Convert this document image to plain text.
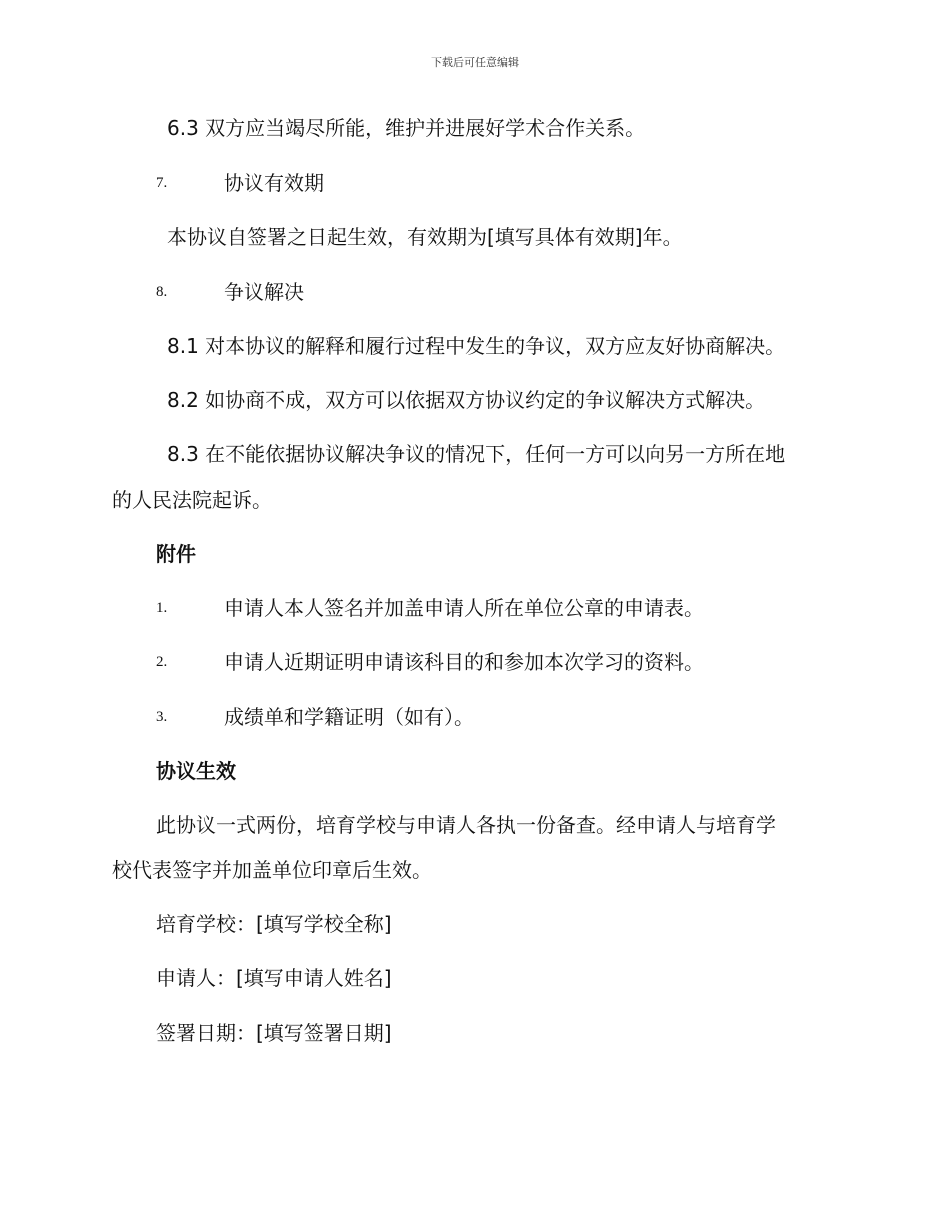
下载后可任意编辑
6.3 双方应当竭尽所能，维护并进展好学术合作关系。
7.	协议有效期
本协议自签署之日起生效，有效期为[填写具体有效期]年。
8.	争议解决
8.1 对本协议的解释和履行过程中发生的争议，双方应友好协商解决。
8.2 如协商不成，双方可以依据双方协议约定的争议解决方式解决。
8.3 在不能依据协议解决争议的情况下，任何一方可以向另一方所在地
的人民法院起诉。
附件
1.	申请人本人签名并加盖申请人所在单位公章的申请表。
2.	申请人近期证明申请该科目的和参加本次学习的资料。
3.	成绩单和学籍证明（如有）。
协议生效
此协议一式两份，培育学校与申请人各执一份备查。经申请人与培育学
校代表签字并加盖单位印章后生效。
培育学校：[填写学校全称]
申请人：[填写申请人姓名]
签署日期：[填写签署日期]
